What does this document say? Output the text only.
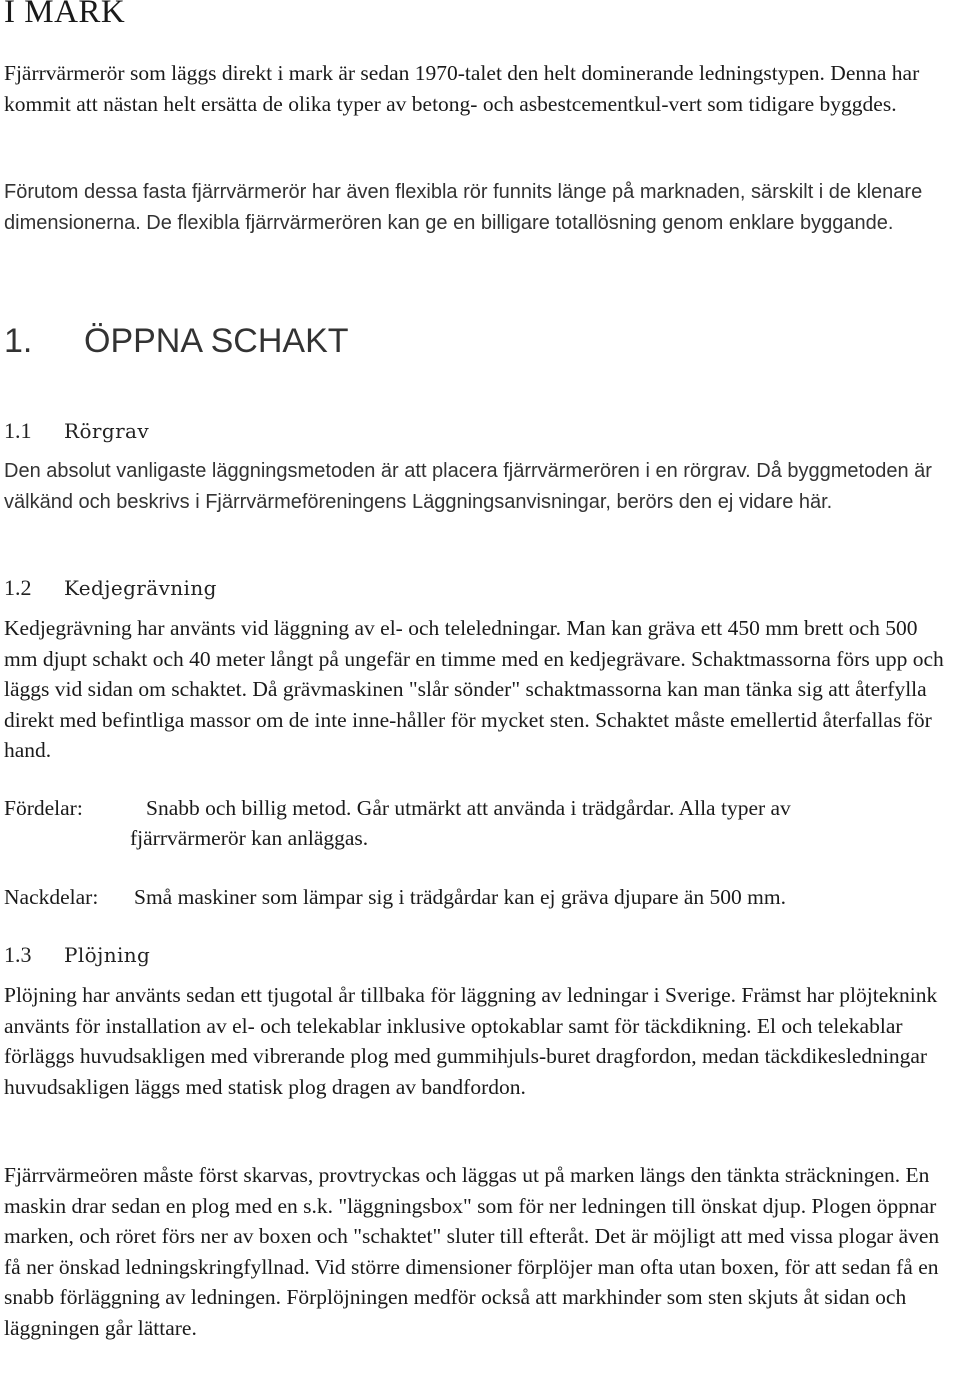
I MARK

Fjärrvärmerör som läggs direkt i mark är sedan 1970-talet den helt dominerande ledningstypen. Denna har kommit att nästan helt ersätta de olika typer av betong- och asbestcementkul-vert som tidigare byggdes.

Förutom dessa fasta fjärrvärmerör har även flexibla rör funnits länge på marknaden, särskilt i de klenare dimensionerna. De flexibla fjärrvärmerören kan ge en billigare totallösning genom enklare byggande.

1. ÖPPNA SCHAKT
1.1 Rörgrav

Den absolut vanligaste läggningsmetoden är att placera fjärrvärmerören i en rörgrav. Då byggmetoden är välkänd och beskrivs i Fjärrvärmeföreningens Läggningsanvisningar, berörs den ej vidare här.

1.2 Kedjegrävning

Kedjegrävning har använts vid läggning av el- och teleledningar. Man kan gräva ett 450 mm brett och 500 mm djupt schakt och 40 meter långt på ungefär en timme med en kedjegrävare. Schaktmassorna förs upp och läggs vid sidan om schaktet. Då grävmaskinen "slår sönder" schaktmassorna kan man tänka sig att återfylla direkt med befintliga massor om de inte inne-håller för mycket sten. Schaktet måste emellertid återfallas för hand.

Fördelar:	Snabb och billig metod. Går utmärkt att använda i trädgårdar. Alla typer av
fjärrvärmerör kan anläggas.
Nackdelar: Små maskiner som lämpar sig i trädgårdar kan ej gräva djupare än 500 mm.
1.3 Plöjning

Plöjning har använts sedan ett tjugotal år tillbaka för läggning av ledningar i Sverige. Främst har plöjteknink använts för installation av el- och telekablar inklusive optokablar samt för täckdikning. El och telekablar förläggs huvudsakligen med vibrerande plog med gummihjuls-buret dragfordon, medan täckdikesledningar huvudsakligen läggs med statisk plog dragen av bandfordon.

Fjärrvärmeören måste först skarvas, provtryckas och läggas ut på marken längs den tänkta sträckningen. En maskin drar sedan en plog med en s.k. "läggningsbox" som för ner ledningen till önskat djup. Plogen öppnar marken, och röret förs ner av boxen och "schaktet" sluter till efteråt. Det är möjligt att med vissa plogar även få ner önskad ledningskringfyllnad. Vid större dimensioner förplöjer man ofta utan boxen, för att sedan få en snabb förläggning av ledningen. Förplöjningen medför också att markhinder som sten skjuts åt sidan och läggningen går lättare.
